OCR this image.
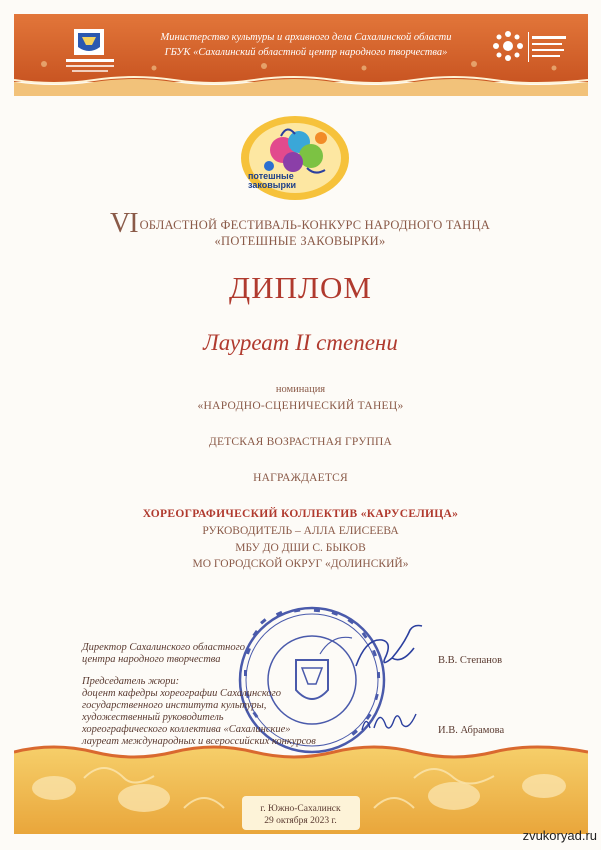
Министерство культуры и архивного дела Сахалинской области
ГБУК «Сахалинский областной центр народного творчества»
потешные
заковырки
VI ОБЛАСТНОЙ ФЕСТИВАЛЬ-КОНКУРС НАРОДНОГО ТАНЦА
«ПОТЕШНЫЕ ЗАКОВЫРКИ»
ДИПЛОМ
Лауреат II степени
номинация
«НАРОДНО-СЦЕНИЧЕСКИЙ ТАНЕЦ»
ДЕТСКАЯ ВОЗРАСТНАЯ ГРУППА
НАГРАЖДАЕТСЯ
ХОРЕОГРАФИЧЕСКИЙ КОЛЛЕКТИВ «КАРУСЕЛИЦА»
РУКОВОДИТЕЛЬ – АЛЛА ЕЛИСЕЕВА
МБУ ДО ДШИ С. БЫКОВ
МО ГОРОДСКОЙ ОКРУГ «ДОЛИНСКИЙ»
Директор Сахалинского областного
центра народного творчества	В.В. Степанов
Председатель жюри:
доцент кафедры хореографии Сахалинского
государственного института культуры,
художественный руководитель
хореографического коллектива «Сахалинские»
лауреат международных и всероссийских конкурсов
И.В. Абрамова
г. Южно-Сахалинск
29 октября 2023 г.
zvukoryad.ru
